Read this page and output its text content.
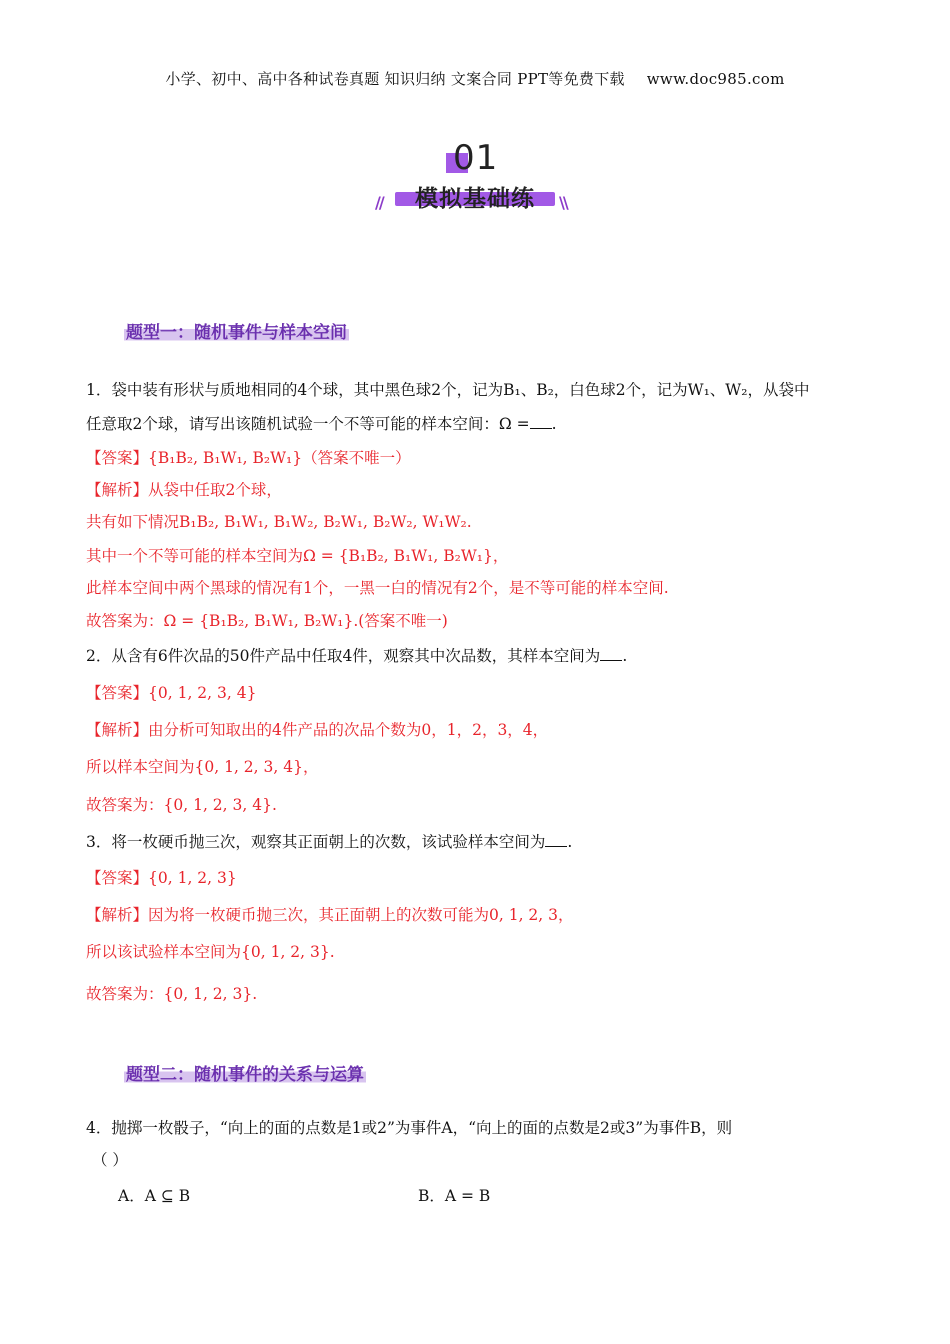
小学、初中、高中各种试卷真题 知识归纳 文案合同 PPT等免费下载 www.doc985.com
01
//	模拟基础练	\\
题型一：随机事件与样本空间
1．袋中装有形状与质地相同的4个球，其中黑色球2个，记为B₁、B₂，白色球2个，记为W₁、W₂，从袋中
任意取2个球，请写出该随机试验一个不等可能的样本空间：Ω = .
【答案】{B₁B₂, B₁W₁, B₂W₁}（答案不唯一）
【解析】从袋中任取2个球，
共有如下情况B₁B₂, B₁W₁, B₁W₂, B₂W₁, B₂W₂, W₁W₂.
其中一个不等可能的样本空间为Ω = {B₁B₂, B₁W₁, B₂W₁}，
此样本空间中两个黑球的情况有1个，一黑一白的情况有2个，是不等可能的样本空间.
故答案为：Ω = {B₁B₂, B₁W₁, B₂W₁}.(答案不唯一)
2．从含有6件次品的50件产品中任取4件，观察其中次品数，其样本空间为 .
【答案】{0, 1, 2, 3, 4}
【解析】由分析可知取出的4件产品的次品个数为0，1，2，3，4，
所以样本空间为{0, 1, 2, 3, 4}，
故答案为：{0, 1, 2, 3, 4}.
3．将一枚硬币抛三次，观察其正面朝上的次数，该试验样本空间为 .
【答案】{0, 1, 2, 3}
【解析】因为将一枚硬币抛三次，其正面朝上的次数可能为0, 1, 2, 3，
所以该试验样本空间为{0, 1, 2, 3}.
故答案为：{0, 1, 2, 3}.
题型二：随机事件的关系与运算
4．抛掷一枚骰子，“向上的面的点数是1或2”为事件A，“向上的面的点数是2或3”为事件B，则
（ ）
A．A ⊆ B	B．A = B
